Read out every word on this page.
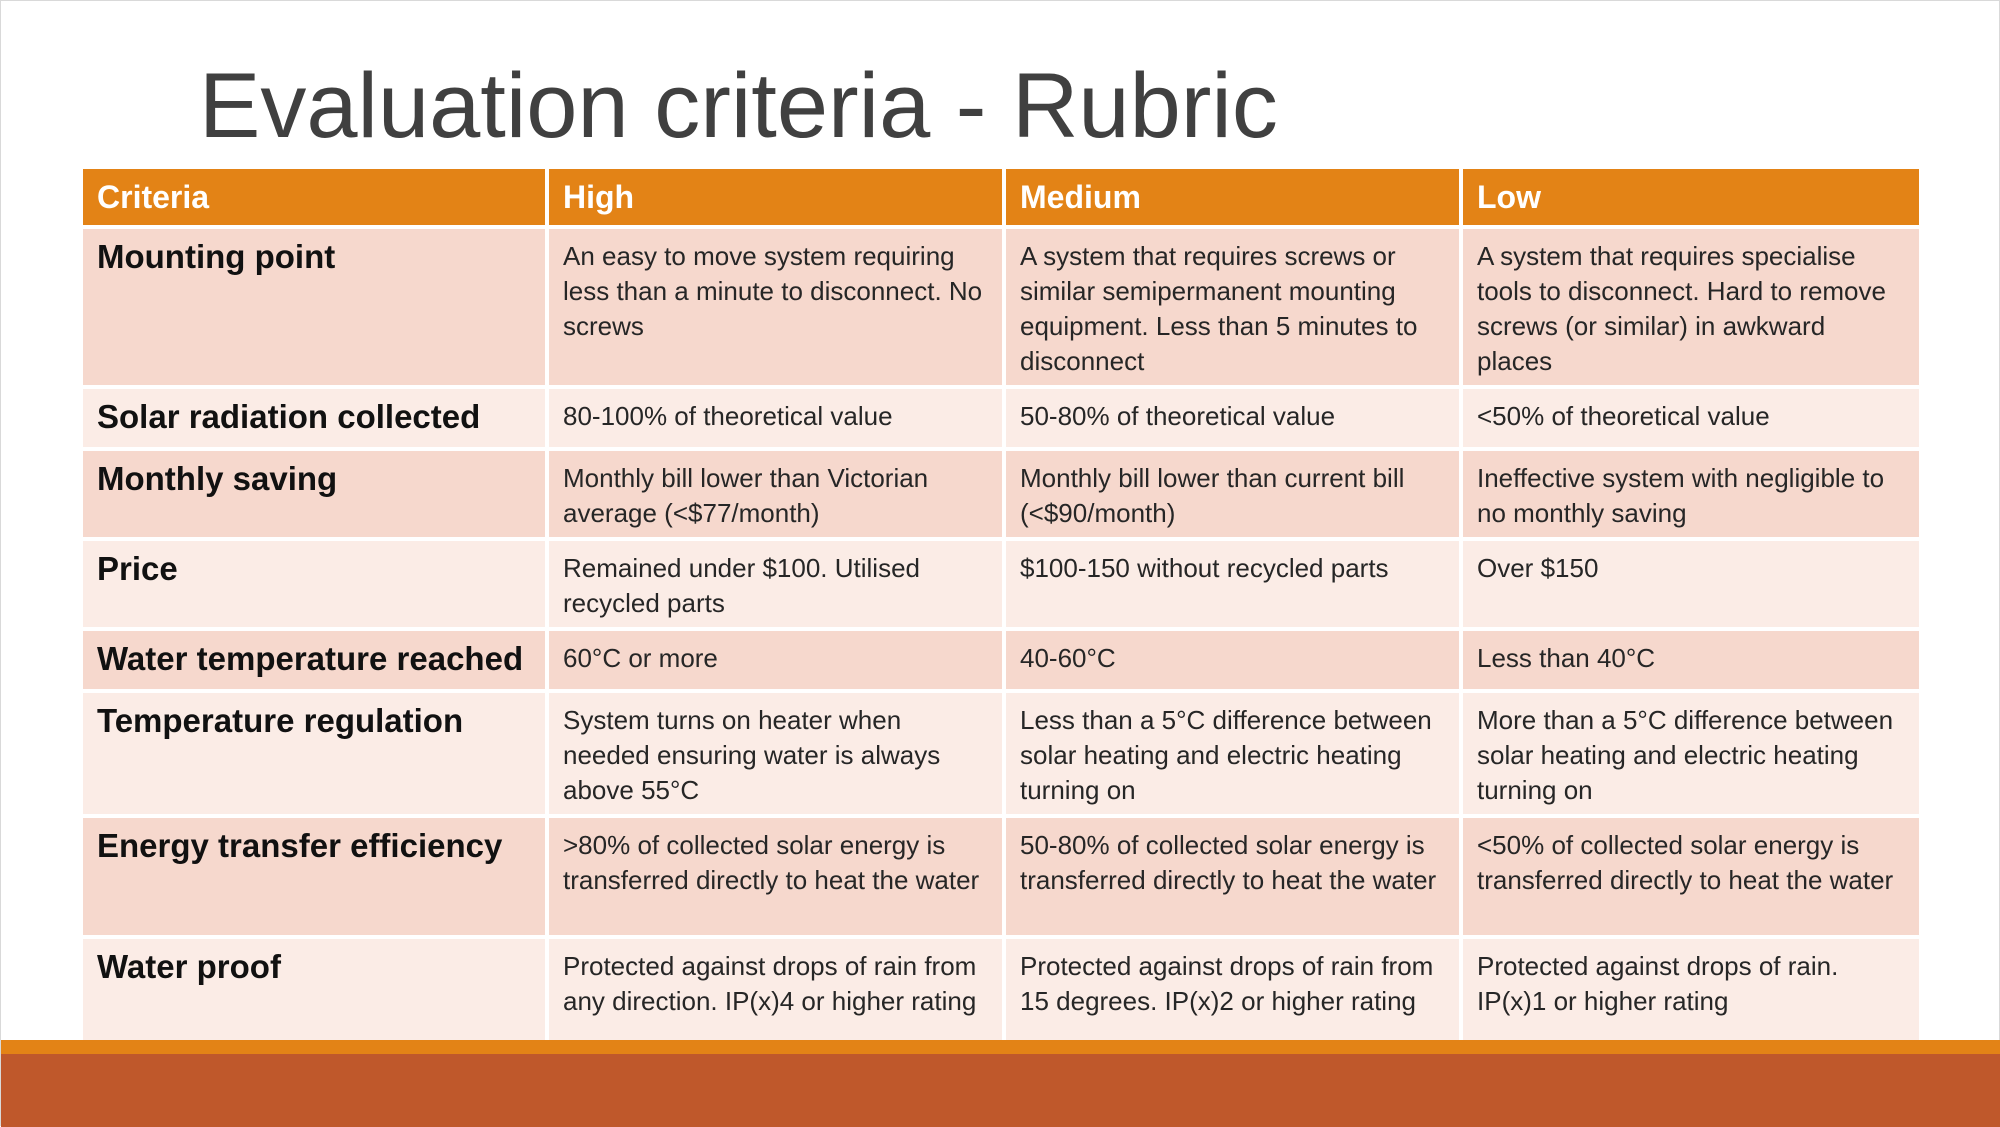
Evaluation criteria - Rubric
Criteria	High	Medium	Low
Mounting point	An easy to move system requiring less than a minute to disconnect. No screws	A system that requires screws or similar semipermanent mounting equipment. Less than 5 minutes to disconnect	A system that requires specialise tools to disconnect. Hard to remove screws (or similar) in awkward places
Solar radiation collected	80-100% of theoretical value	50-80% of theoretical value	<50% of theoretical value
Monthly saving	Monthly bill lower than Victorian average (<$77/month)	Monthly bill lower than current bill (<$90/month)	Ineffective system with negligible to no monthly saving
Price	Remained under $100. Utilised recycled parts	$100-150 without recycled parts	Over $150
Water temperature reached	60°C or more	40-60°C	Less than 40°C
Temperature regulation	System turns on heater when needed ensuring water is always above 55°C	Less than a 5°C difference between solar heating and electric heating turning on	More than a 5°C difference between solar heating and electric heating turning on
Energy transfer efficiency	>80% of collected solar energy is transferred directly to heat the water	50-80% of collected solar energy is transferred directly to heat the water	<50% of collected solar energy is transferred directly to heat the water
Water proof	Protected against drops of rain from any direction. IP(x)4 or higher rating	Protected against drops of rain from 15 degrees. IP(x)2 or higher rating	Protected against drops of rain. IP(x)1 or higher rating
